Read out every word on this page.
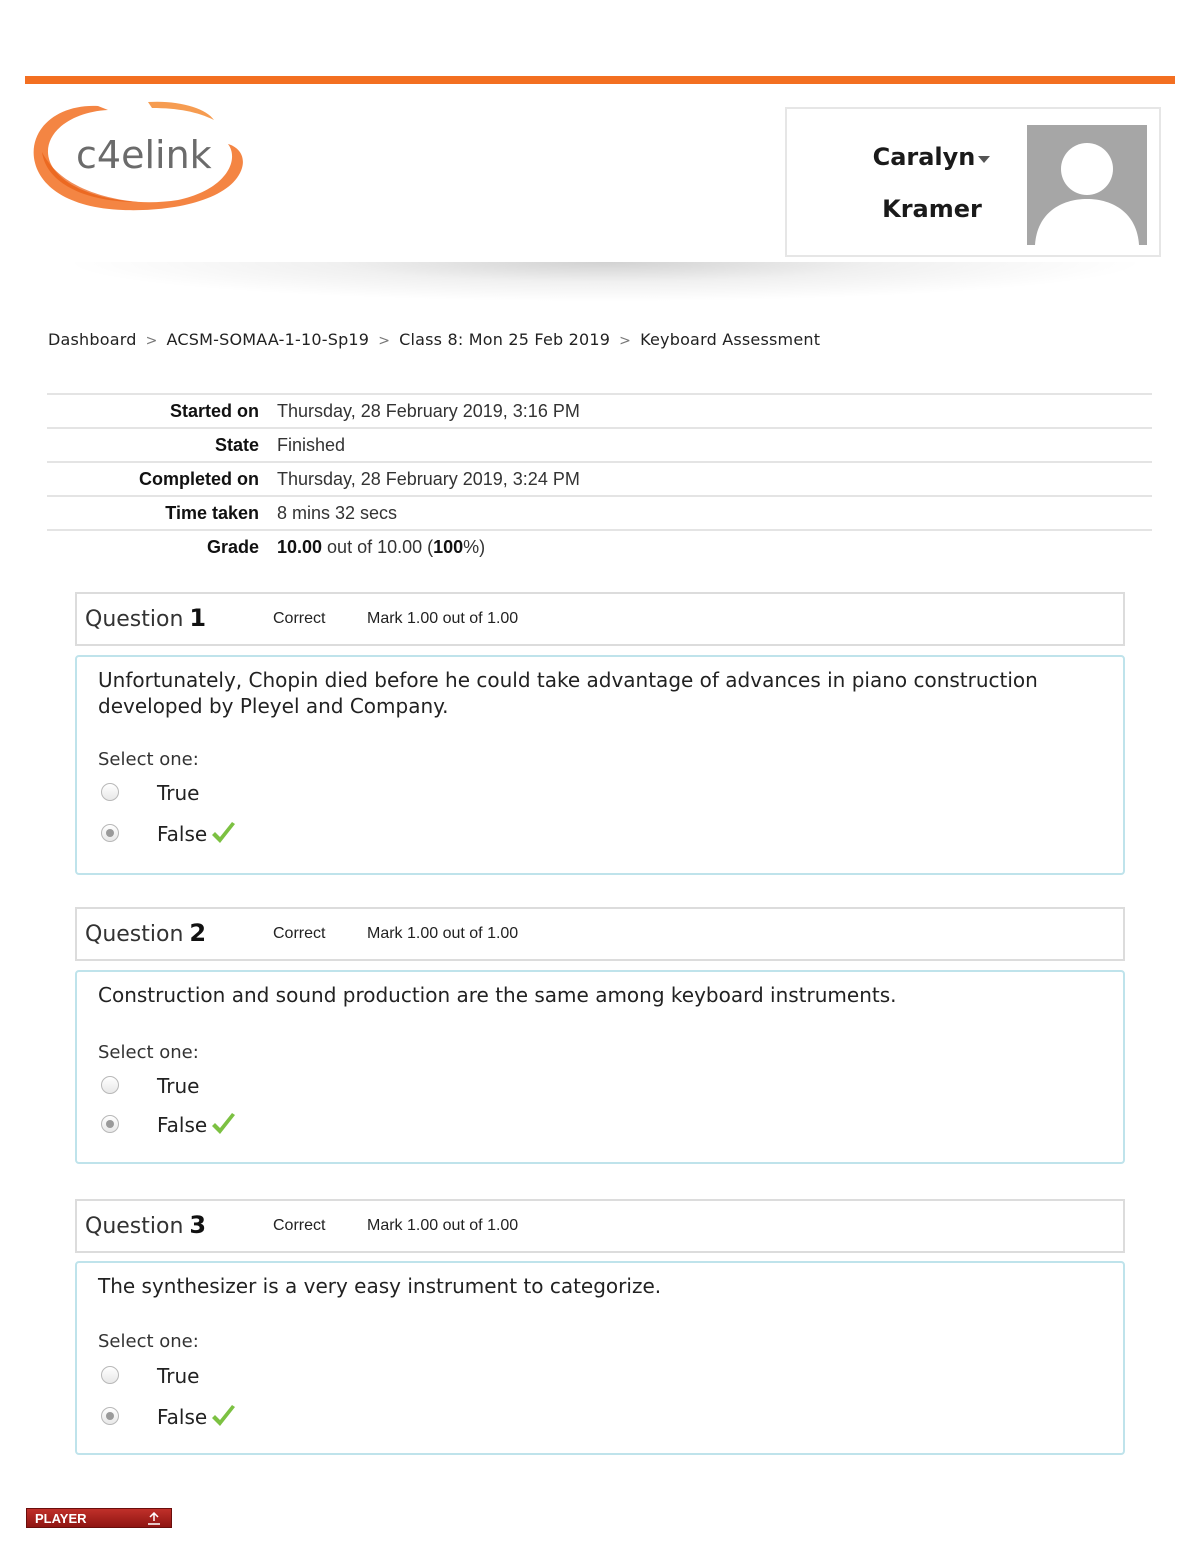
c4elink	Caralyn
Kramer
Dashboard > ACSM-SOMAA-1-10-Sp19 > Class 8: Mon 25 Feb 2019 > Keyboard Assessment
Started on	Thursday, 28 February 2019, 3:16 PM
State	Finished
Completed on	Thursday, 28 February 2019, 3:24 PM
Time taken	8 mins 32 secs
Grade	10.00 out of 10.00 (100%)
Question 1	Correct	Mark 1.00 out of 1.00
Unfortunately, Chopin died before he could take advantage of advances in piano construction developed by Pleyel and Company.
Select one:
True
False
Question 2	Correct	Mark 1.00 out of 1.00
Construction and sound production are the same among keyboard instruments.
Select one:
True
False
Question 3	Correct	Mark 1.00 out of 1.00
The synthesizer is a very easy instrument to categorize.
Select one:
True
False
PLAYER
